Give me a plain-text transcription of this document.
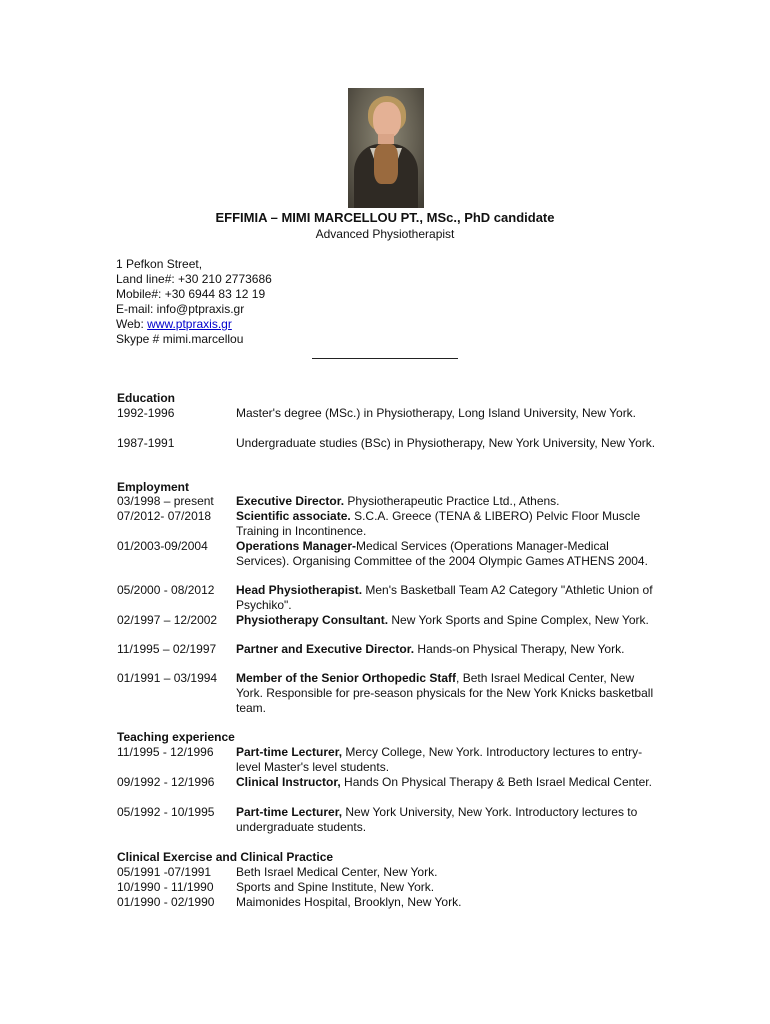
EFFIMIA – MIMI MARCELLOU PT., MSc., PhD candidate
Advanced Physiotherapist
1 Pefkon Street,
Land line#: +30 210 2773686
Mobile#: +30 6944 83 12 19
E-mail: info@ptpraxis.gr
Web: www.ptpraxis.gr
Skype # mimi.marcellou
Education
1992-1996	Master's degree (MSc.) in Physiotherapy, Long Island University, New York.
1987-1991	Undergraduate studies (BSc) in Physiotherapy, New York University, New York.
Employment
03/1998 – present	Executive Director. Physiotherapeutic Practice Ltd., Athens.
07/2012- 07/2018	Scientific associate. S.C.A. Greece (TENA & LIBERO) Pelvic Floor Muscle Training in Incontinence.
01/2003-09/2004	Operations Manager-Medical Services (Operations Manager-Medical Services). Organising Committee of the 2004 Olympic Games ATHENS 2004.
05/2000 - 08/2012	Head Physiotherapist. Men's Basketball Team A2 Category "Athletic Union of Psychiko".
02/1997 – 12/2002	Physiotherapy Consultant. New York Sports and Spine Complex, New York.
11/1995 – 02/1997	Partner and Executive Director. Hands-on Physical Therapy, New York.
01/1991 – 03/1994	Member of the Senior Orthopedic Staff, Beth Israel Medical Center, New York. Responsible for pre-season physicals for the New York Knicks basketball team.
Teaching experience
11/1995 - 12/1996	Part-time Lecturer, Mercy College, New York. Introductory lectures to entry-level Master's level students.
09/1992 - 12/1996	Clinical Instructor, Hands On Physical Therapy & Beth Israel Medical Center.
05/1992 - 10/1995	Part-time Lecturer, New York University, New York. Introductory lectures to undergraduate students.
Clinical Exercise and Clinical Practice
05/1991 -07/1991	Beth Israel Medical Center, New York.
10/1990 - 11/1990	Sports and Spine Institute, New York.
01/1990 - 02/1990	Maimonides Hospital, Brooklyn, New York.
